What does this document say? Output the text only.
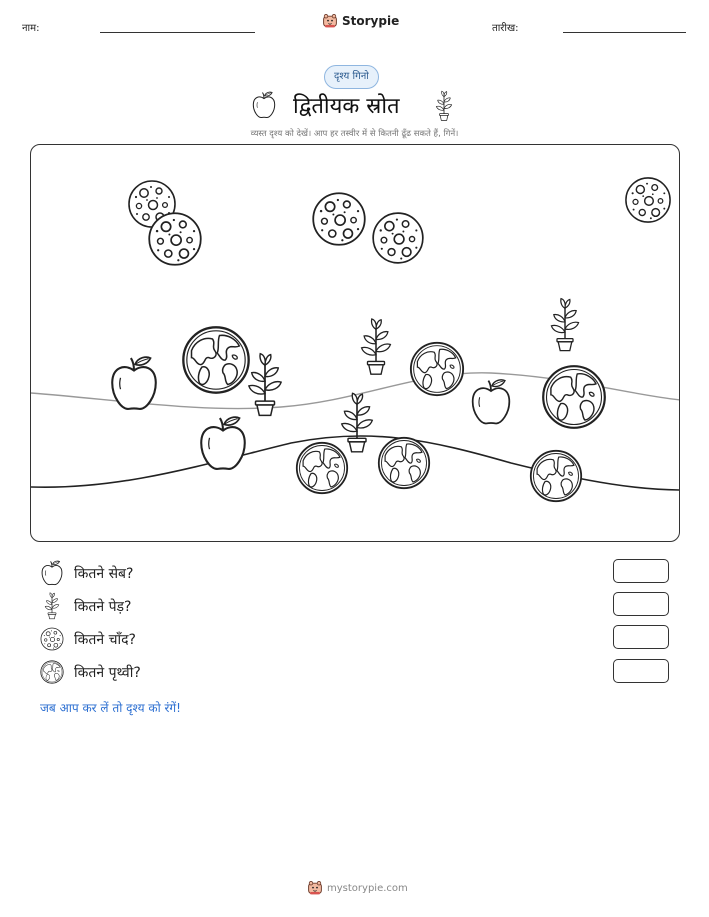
नाम:
Storypie
तारीख:
दृश्य गिनो
द्वितीयक स्रोत
व्यस्त दृश्य को देखें। आप हर तस्वीर में से कितनी ढूँढ सकते हैं, गिनें।
कितने सेब?
कितने पेड़?
कितने चाँद?
कितने पृथ्वी?
जब आप कर लें तो दृश्य को रंगें!
mystorypie.com
